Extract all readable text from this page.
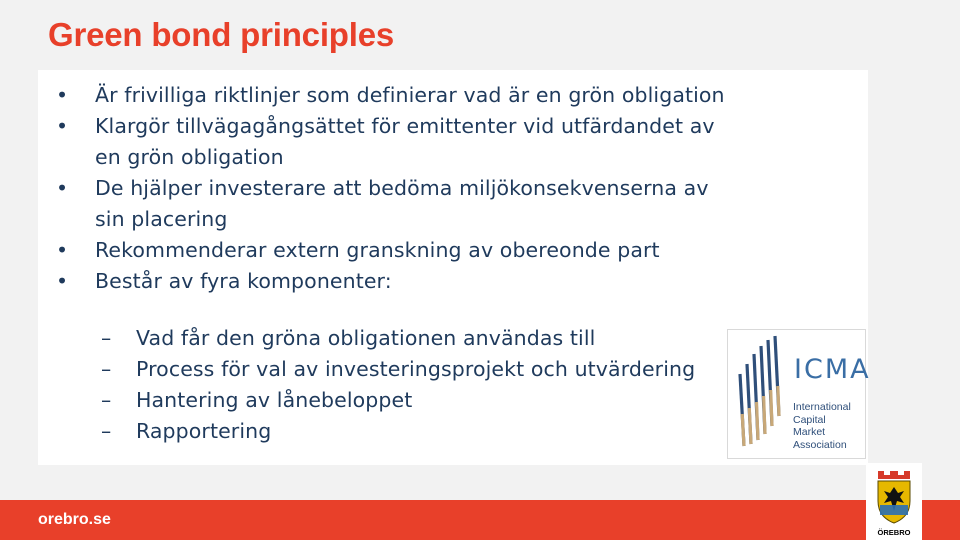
Green bond principles
• Är frivilliga riktlinjer som definierar vad är en grön obligation
• Klargör tillvägagångsättet för emittenter vid utfärdandet av
en grön obligation
• De hjälper investerare att bedöma miljökonsekvenserna av
sin placering
• Rekommenderar extern granskning av obereonde part
• Består av fyra komponenter:
– Vad får den gröna obligationen användas till
– Process för val av investeringsprojekt och utvärdering
– Hantering av lånebeloppet
– Rapportering
ICMA
International
Capital
Market
Association
orebro.se
ÖREBRO
